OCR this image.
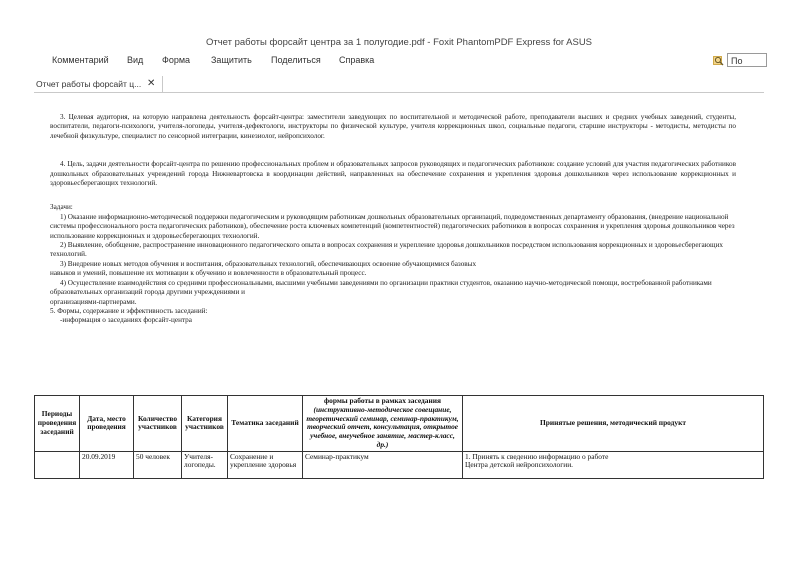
Отчет работы форсайт центра за 1 полугодие.pdf - Foxit PhantomPDF Express for ASUS
Комментарий Вид Форма Защитить Поделиться Справка	По
Отчет работы форсайт ц... ✕

3. Целевая аудитория, на которую направлена деятельность форсайт-центра: заместители заведующих по воспитательной и методической работе, преподаватели высших и средних учебных заведений, студенты, воспитатели, педагоги-психологи, учителя-логопеды, учителя-дефектологи, инструкторы по физической культуре, учителя коррекционных школ, социальные педагоги, старшие инструкторы - методисты, методисты по лечебной физкультуре, специалист по сенсорной интеграции, кинезиолог, нейропсихолог.

4. Цель, задачи деятельности форсайт-центра по решению профессиональных проблем и образовательных запросов руководящих и педагогических работников: создание условий для участия педагогических работников дошкольных образовательных учреждений города Нижневартовска в координации действий, направленных на обеспечение сохранения и укрепления здоровья дошкольников через использование коррекционных и здоровьесберегающих технологий.

Задачи:

1) Оказание информационно-методической поддержки педагогическим и руководящим работникам дошкольных образовательных организаций, подведомственных департаменту образования, (внедрение национальной системы профессионального роста педагогических работников), обеспечение роста ключевых компетенций (компетентностей) педагогических работников в вопросах сохранения и укрепления здоровья дошкольников через использование коррекционных и здоровьесберегающих технологий.

2) Выявление, обобщение, распространение инновационного педагогического опыта в вопросах сохранения и укрепление здоровья дошкольников посредством использования коррекционных и здоровьесберегающих технологий.

3) Внедрение новых методов обучения и воспитания, образовательных технологий, обеспечивающих освоение обучающимися базовых

навыков и умений, повышение их мотивации к обучению и вовлеченности в образовательный процесс.

4) Осуществление взаимодействия со средними профессиональными, высшими учебными заведениями по организации практики студентов, оказанию научно-методической помощи, востребованной работниками образовательных организаций города другими учреждениями и

организациями-партнерами.

5. Формы, содержание и эффективность заседаний:

-информация о заседаниях форсайт-центра

Периоды проведения заседаний	Дата, место проведения	Количество участников	Категория участников	Тематика заседаний	формы работы в рамках заседания
(инструктивно-методическое совещание, теоретический семинар, семинар-практикум, творческий отчет, консультация, открытое учебное, внеучебное занятие, мастер-класс, др.)	Принятые решения, методический продукт
	20.09.2019	50 человек	Учителя-логопеды.	Сохранение и укрепление здоровья	Семинар-практикум	1. Принять к сведению информацию о работе
Центра детской нейропсихологии.
